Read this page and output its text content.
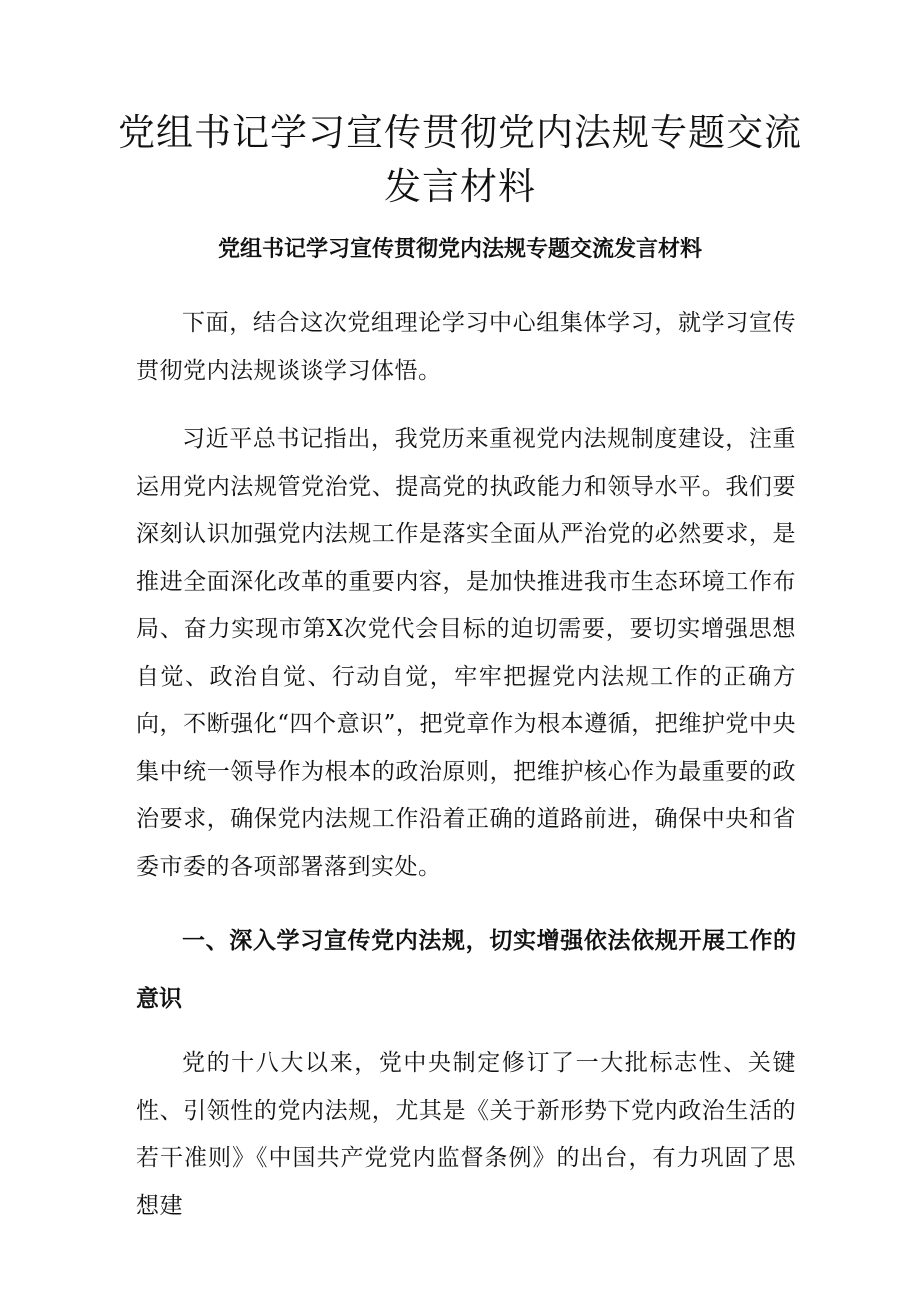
党组书记学习宣传贯彻党内法规专题交流发言材料

党组书记学习宣传贯彻党内法规专题交流发言材料

下面，结合这次党组理论学习中心组集体学习，就学习宣传贯彻党内法规谈谈学习体悟。

习近平总书记指出，我党历来重视党内法规制度建设，注重运用党内法规管党治党、提高党的执政能力和领导水平。我们要深刻认识加强党内法规工作是落实全面从严治党的必然要求，是推进全面深化改革的重要内容，是加快推进我市生态环境工作布局、奋力实现市第X次党代会目标的迫切需要，要切实增强思想自觉、政治自觉、行动自觉，牢牢把握党内法规工作的正确方向，不断强化“四个意识”，把党章作为根本遵循，把维护党中央集中统一领导作为根本的政治原则，把维护核心作为最重要的政治要求，确保党内法规工作沿着正确的道路前进，确保中央和省委市委的各项部署落到实处。

一、深入学习宣传党内法规，切实增强依法依规开展工作的意识

党的十八大以来，党中央制定修订了一大批标志性、关键性、引领性的党内法规，尤其是《关于新形势下党内政治生活的若干准则》《中国共产党党内监督条例》的出台，有力巩固了思想建
